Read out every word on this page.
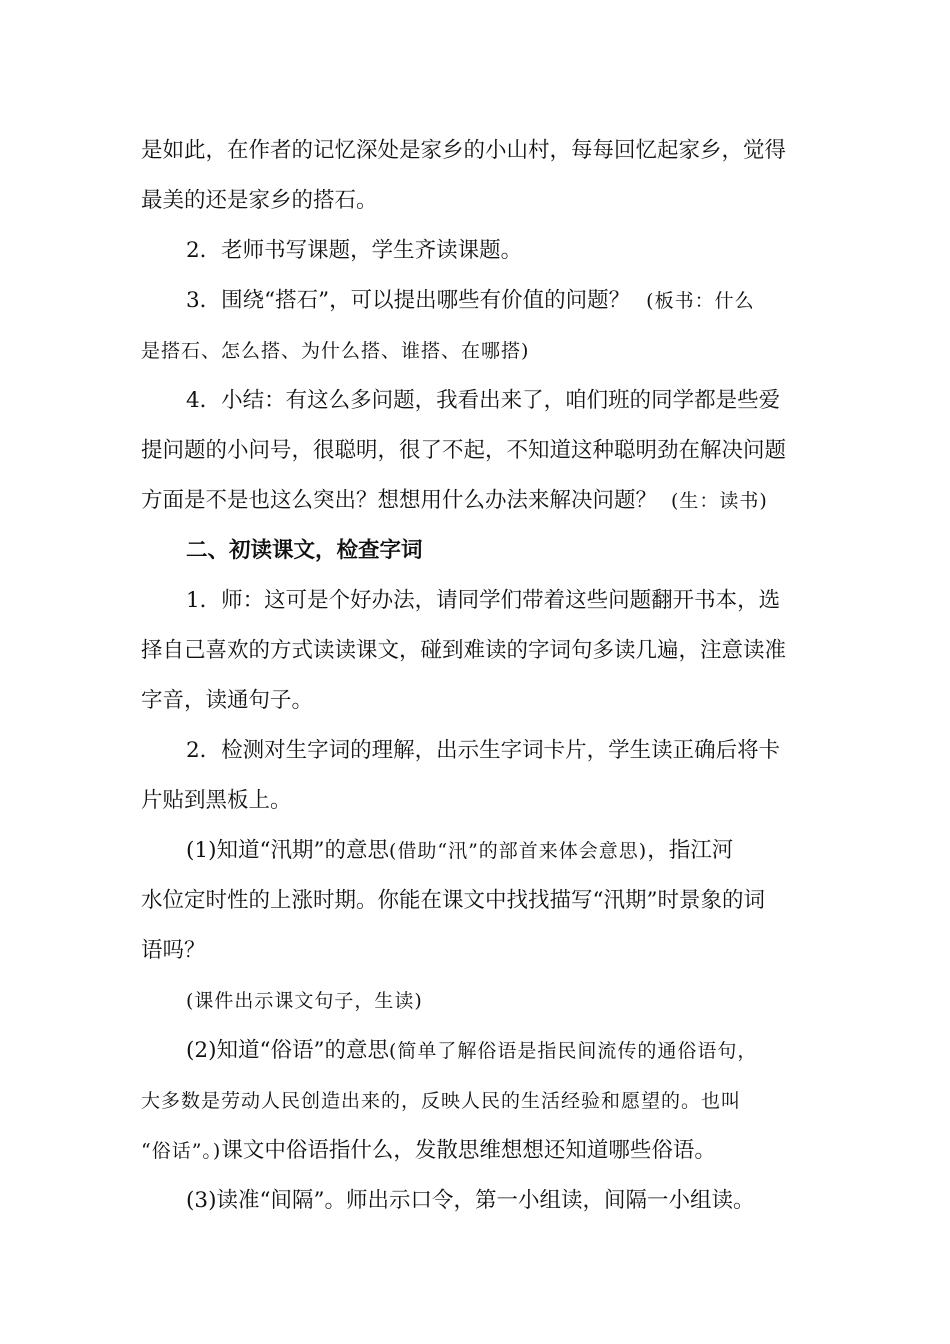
是如此，在作者的记忆深处是家乡的小山村，每每回忆起家乡，觉得
最美的还是家乡的搭石。
2．老师书写课题，学生齐读课题。
3．围绕“搭石”，可以提出哪些有价值的问题？ (板书：什么
是搭石、怎么搭、为什么搭、谁搭、在哪搭)
4．小结：有这么多问题，我看出来了，咱们班的同学都是些爱
提问题的小问号，很聪明，很了不起，不知道这种聪明劲在解决问题
方面是不是也这么突出？想想用什么办法来解决问题？ (生：读书)
二、初读课文，检查字词
1．师：这可是个好办法，请同学们带着这些问题翻开书本，选
择自己喜欢的方式读读课文，碰到难读的字词句多读几遍，注意读准
字音，读通句子。
2．检测对生字词的理解，出示生字词卡片，学生读正确后将卡
片贴到黑板上。
(1)知道“汛期”的意思(借助“汛”的部首来体会意思)，指江河
水位定时性的上涨时期。你能在课文中找找描写“汛期”时景象的词
语吗？
(课件出示课文句子，生读)
(2)知道“俗语”的意思(简单了解俗语是指民间流传的通俗语句，
大多数是劳动人民创造出来的，反映人民的生活经验和愿望的。也叫
“俗话”。)课文中俗语指什么，发散思维想想还知道哪些俗语。
(3)读准“间隔”。师出示口令，第一小组读，间隔一小组读。
